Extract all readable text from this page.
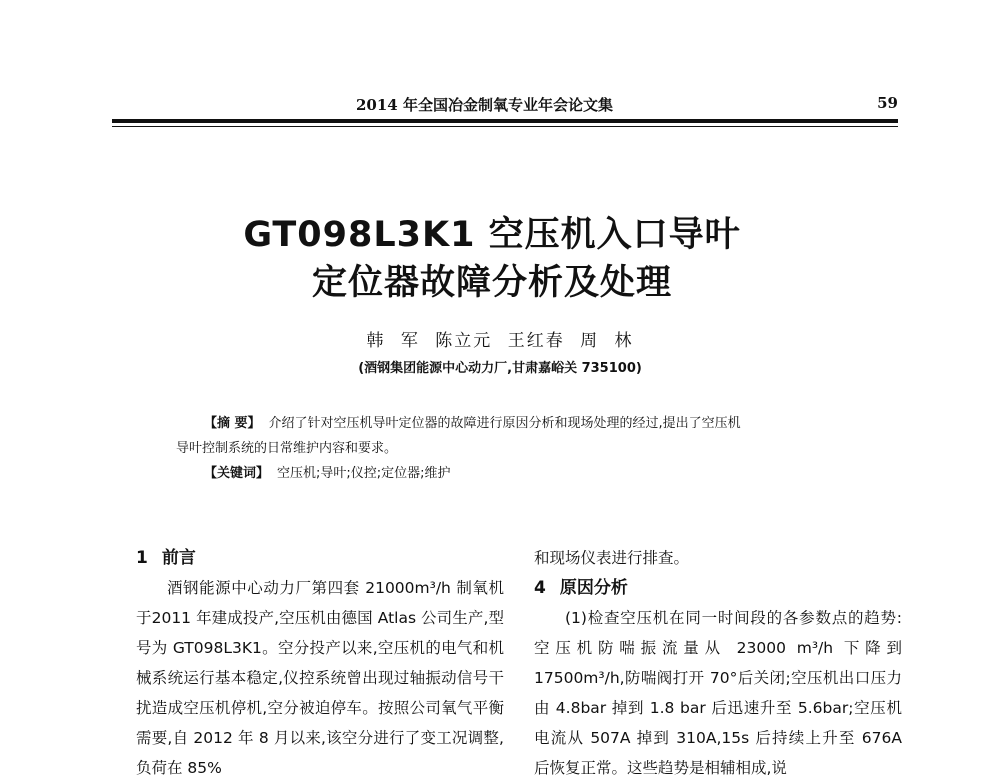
2014 年全国冶金制氧专业年会论文集	59
GT098L3K1 空压机入口导叶
定位器故障分析及处理
韩 军 陈立元 王红春 周 林
(酒钢集团能源中心动力厂,甘肃嘉峪关 735100)
【摘 要】 介绍了针对空压机导叶定位器的故障进行原因分析和现场处理的经过,提出了空压机
导叶控制系统的日常维护内容和要求。
【关键词】 空压机;导叶;仪控;定位器;维护
1 前言

酒钢能源中心动力厂第四套 21000m³/h 制氧机于2011 年建成投产,空压机由德国 Atlas 公司生产,型号为 GT098L3K1。空分投产以来,空压机的电气和机械系统运行基本稳定,仪控系统曾出现过轴振动信号干扰造成空压机停机,空分被迫停车。按照公司氧气平衡需要,自 2012 年 8 月以来,该空分进行了变工况调整,负荷在 85%

和现场仪表进行排查。

4 原因分析

(1)检查空压机在同一时间段的各参数点的趋势:空压机防喘振流量从 23000 m³/h 下降到 17500m³/h,防喘阀打开 70°后关闭;空压机出口压力由 4.8bar 掉到 1.8 bar 后迅速升至 5.6bar;空压机电流从 507A 掉到 310A,15s 后持续上升至 676A 后恢复正常。这些趋势是相辅相成,说
